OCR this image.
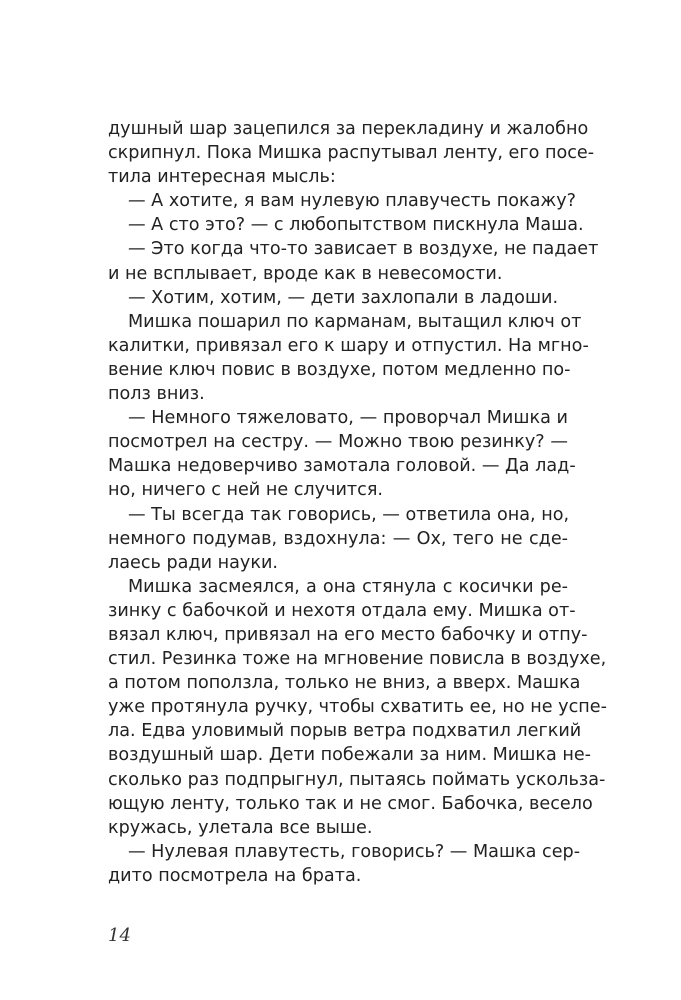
душный шар зацепился за перекладину и жалобно
скрипнул. Пока Мишка распутывал ленту, его посе-
тила интересная мысль:
— А хотите, я вам нулевую плавучесть покажу?
— А сто это? — с любопытством пискнула Маша.
— Это когда что-то зависает в воздухе, не падает
и не всплывает, вроде как в невесомости.
— Хотим, хотим, — дети захлопали в ладоши.
Мишка пошарил по карманам, вытащил ключ от
калитки, привязал его к шару и отпустил. На мгно-
вение ключ повис в воздухе, потом медленно по-
полз вниз.
— Немного тяжеловато, — проворчал Мишка и
посмотрел на сестру. — Можно твою резинку? —
Машка недоверчиво замотала головой. — Да лад-
но, ничего с ней не случится.
— Ты всегда так говорись, — ответила она, но,
немного подумав, вздохнула: — Ох, тего не сде-
лаесь ради науки.
Мишка засмеялся, а она стянула с косички ре-
зинку с бабочкой и нехотя отдала ему. Мишка от-
вязал ключ, привязал на его место бабочку и отпу-
стил. Резинка тоже на мгновение повисла в воздухе,
а потом поползла, только не вниз, а вверх. Машка
уже протянула ручку, чтобы схватить ее, но не успе-
ла. Едва уловимый порыв ветра подхватил легкий
воздушный шар. Дети побежали за ним. Мишка не-
сколько раз подпрыгнул, пытаясь поймать ускольза-
ющую ленту, только так и не смог. Бабочка, весело
кружась, улетала все выше.
— Нулевая плавутесть, говорись? — Машка сер-
дито посмотрела на брата.
14
